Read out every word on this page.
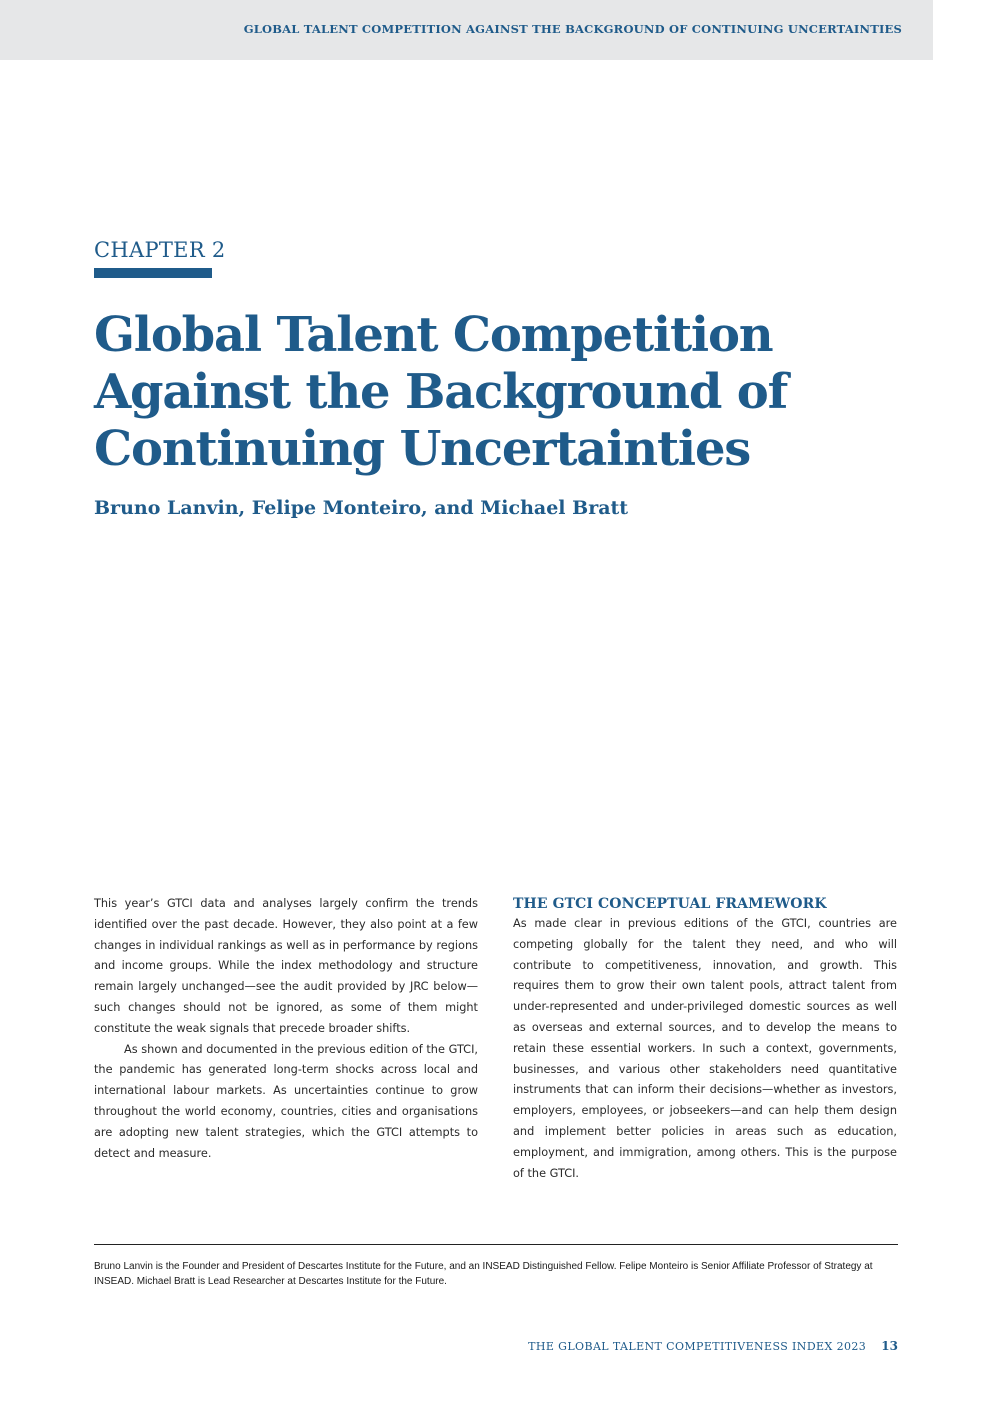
GLOBAL TALENT COMPETITION AGAINST THE BACKGROUND OF CONTINUING UNCERTAINTIES
CHAPTER 2
Global Talent Competition
Against the Background of
Continuing Uncertainties
Bruno Lanvin, Felipe Monteiro, and Michael Bratt

This year’s GTCI data and analyses largely confirm the trends identified over the past decade. However, they also point at a few changes in individual rankings as well as in performance by regions and income groups. While the index methodology and structure remain largely unchanged—see the audit provided by JRC below—such changes should not be ignored, as some of them might constitute the weak signals that precede broader shifts.

As shown and documented in the previous edition of the GTCI, the pandemic has generated long-term shocks across local and international labour markets. As uncertainties continue to grow throughout the world economy, countries, cities and organisations are adopting new talent strategies, which the GTCI attempts to detect and measure.

THE GTCI CONCEPTUAL FRAMEWORK

As made clear in previous editions of the GTCI, countries are competing globally for the talent they need, and who will contribute to competitiveness, innovation, and growth. This requires them to grow their own talent pools, attract talent from under-represented and under-privileged domestic sources as well as overseas and external sources, and to develop the means to retain these essential workers. In such a context, governments, businesses, and various other stakeholders need quantitative instruments that can inform their decisions—whether as investors, employers, employees, or jobseekers—and can help them design and implement better policies in areas such as education, employment, and immigration, among others. This is the purpose of the GTCI.

Bruno Lanvin is the Founder and President of Descartes Institute for the Future, and an INSEAD Distinguished Fellow. Felipe Monteiro is Senior Affiliate Professor of Strategy at INSEAD. Michael Bratt is Lead Researcher at Descartes Institute for the Future.

THE GLOBAL TALENT COMPETITIVENESS INDEX 2023 13
